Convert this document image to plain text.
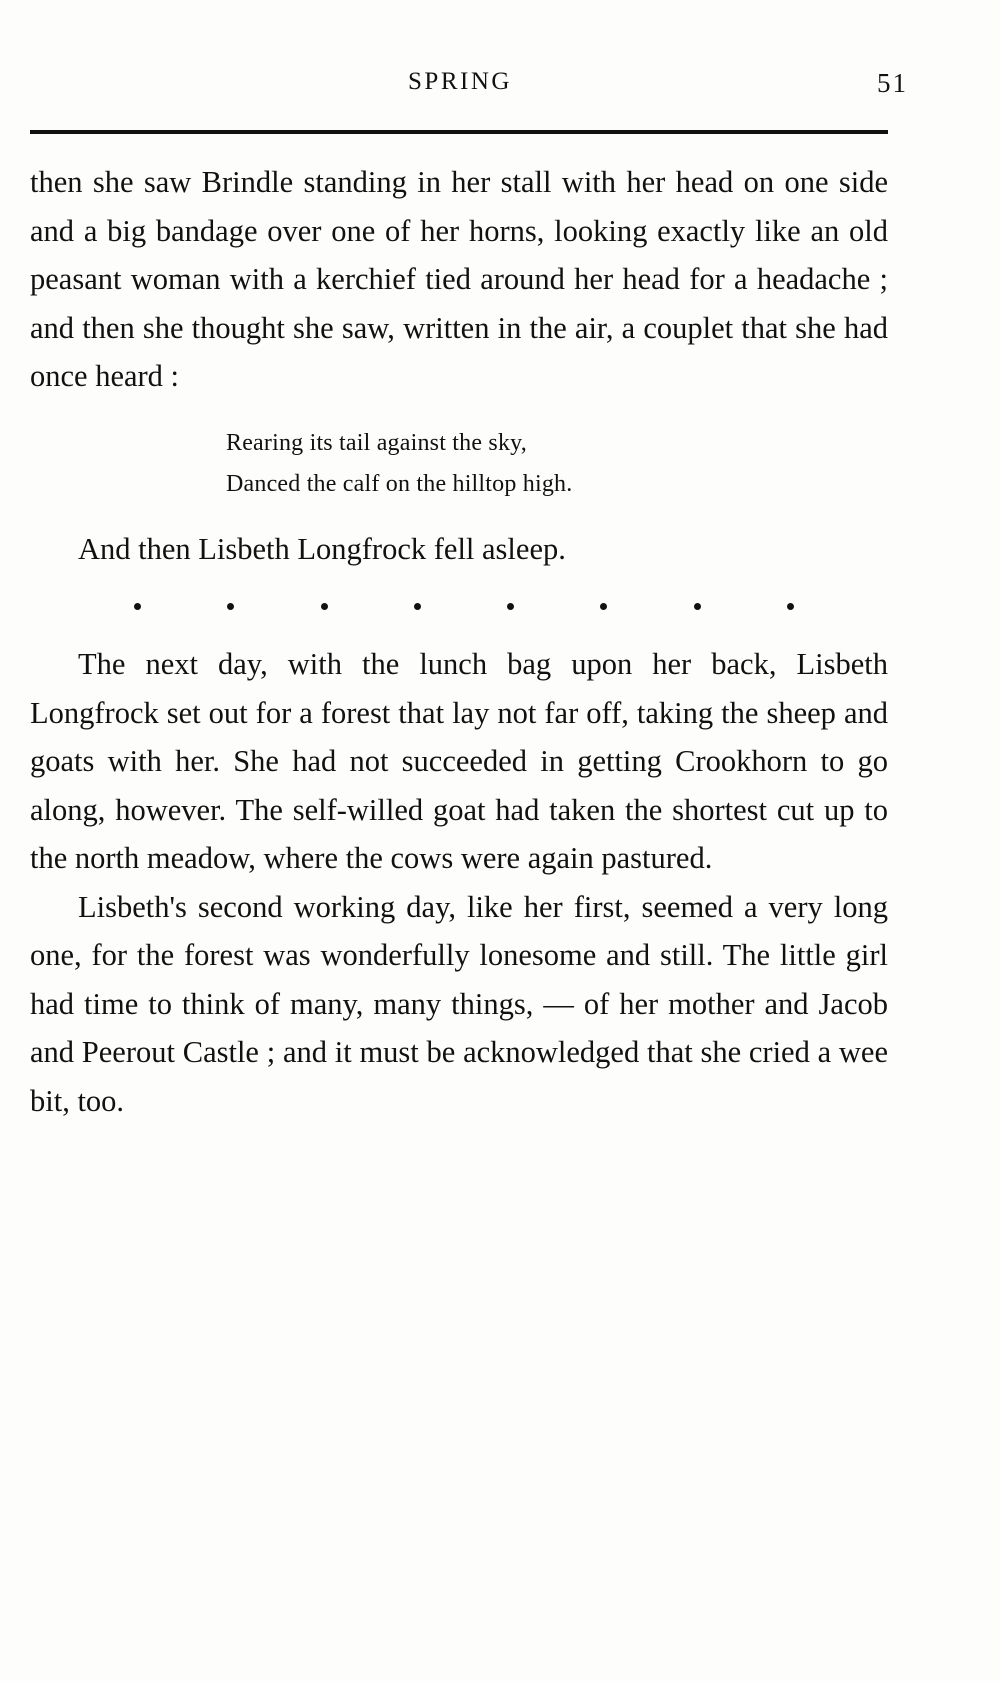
SPRING	51

then she saw Brindle standing in her stall with her head on one side and a big bandage over one of her horns, looking exactly like an old peasant woman with a kerchief tied around her head for a headache ; and then she thought she saw, written in the air, a couplet that she had once heard :

Rearing its tail against the sky,
Danced the calf on the hilltop high.

And then Lisbeth Longfrock fell asleep.

The next day, with the lunch bag upon her back, Lisbeth Longfrock set out for a forest that lay not far off, taking the sheep and goats with her. She had not succeeded in getting Crookhorn to go along, however. The self-willed goat had taken the shortest cut up to the north meadow, where the cows were again pastured.

Lisbeth's second working day, like her first, seemed a very long one, for the forest was wonderfully lonesome and still. The little girl had time to think of many, many things, — of her mother and Jacob and Peerout Castle ; and it must be acknowledged that she cried a wee bit, too.
